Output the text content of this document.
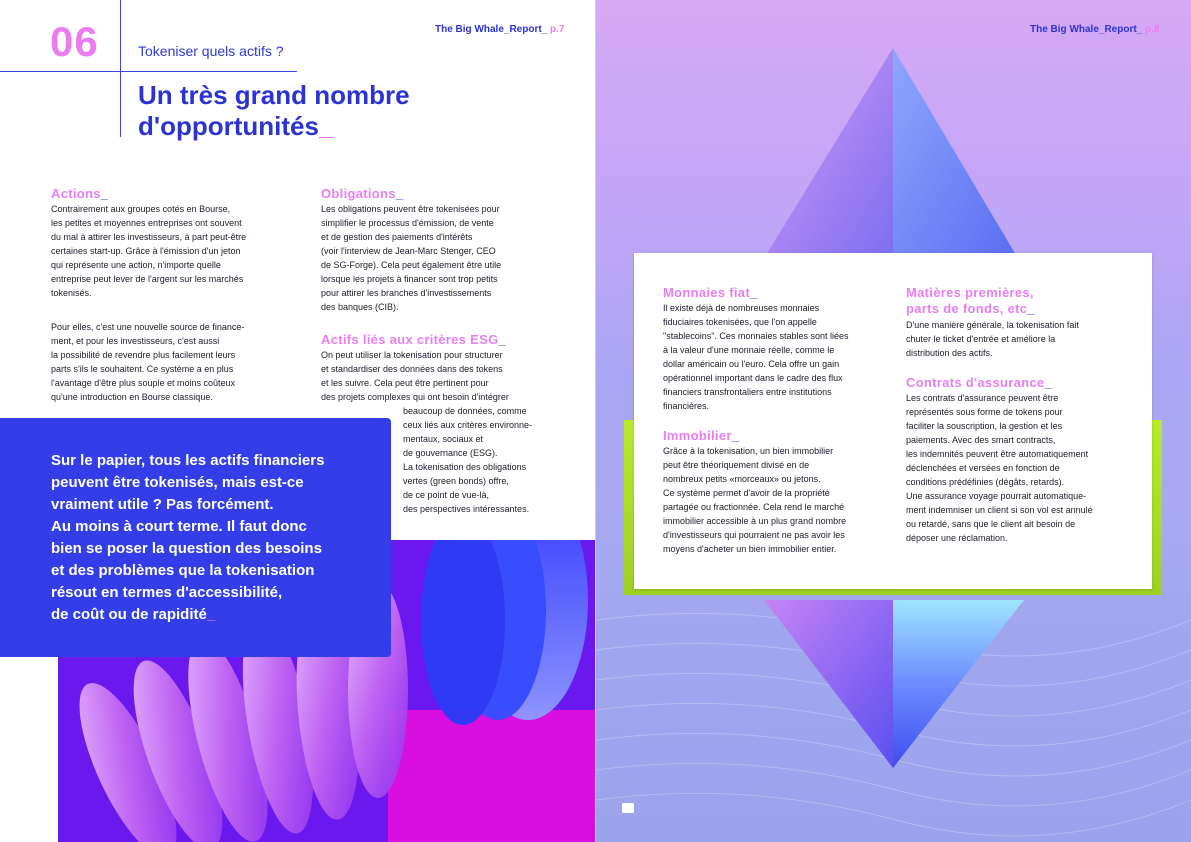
06	Tokeniser quels actifs ?
Un très grand nombre
d'opportunités_
The Big Whale_Report_ p.7
Actions_
Contrairement aux groupes cotés en Bourse,
les petites et moyennes entreprises ont souvent
du mal à attirer les investisseurs, à part peut-être
certaines start-up. Grâce à l'émission d'un jeton
qui représente une action, n'importe quelle
entreprise peut lever de l'argent sur les marchés
tokenisés.
Pour elles, c'est une nouvelle source de finance-
ment, et pour les investisseurs, c'est aussi
la possibilité de revendre plus facilement leurs
parts s'ils le souhaitent. Ce système a en plus
l'avantage d'être plus souple et moins coûteux
qu'une introduction en Bourse classique.
Obligations_
Les obligations peuvent être tokenisées pour
simplifier le processus d'émission, de vente
et de gestion des paiements d'intérêts
(voir l'interview de Jean-Marc Stenger, CEO
de SG-Forge). Cela peut également être utile
lorsque les projets à financer sont trop petits
pour attirer les branches d'investissements
des banques (CIB).
Actifs liés aux critères ESG_
On peut utiliser la tokenisation pour structurer
et standardiser des données dans des tokens
et les suivre. Cela peut être pertinent pour
des projets complexes qui ont besoin d'intégrer
beaucoup de données, comme
ceux liés aux critères environne-
mentaux, sociaux et
de gouvernance (ESG).
La tokenisation des obligations
vertes (green bonds) offre,
de ce point de vue-là,
des perspectives intéressantes.
Sur le papier, tous les actifs financiers
peuvent être tokenisés, mais est-ce
vraiment utile ? Pas forcément.
Au moins à court terme. Il faut donc
bien se poser la question des besoins
et des problèmes que la tokenisation
résout en termes d'accessibilité,
de coût ou de rapidité_
The Big Whale_Report_ p.8
Monnaies fiat_
Il existe déjà de nombreuses monnaies
fiduciaires tokenisées, que l'on appelle
"stablecoins". Ces monnaies stables sont liées
à la valeur d'une monnaie réelle, comme le
dollar américain ou l'euro. Cela offre un gain
opérationnel important dans le cadre des flux
financiers transfrontaliers entre institutions
financières.
Immobilier_
Grâce à la tokenisation, un bien immobilier
peut être théoriquement divisé en de
nombreux petits «morceaux» ou jetons.
Ce système permet d'avoir de la propriété
partagée ou fractionnée. Cela rend le marché
immobilier accessible à un plus grand nombre
d'investisseurs qui pourraient ne pas avoir les
moyens d'acheter un bien immobilier entier.
Matières premières,
parts de fonds, etc_
D'une manière générale, la tokenisation fait
chuter le ticket d'entrée et améliore la
distribution des actifs.
Contrats d'assurance_
Les contrats d'assurance peuvent être
représentés sous forme de tokens pour
faciliter la souscription, la gestion et les
paiements. Avec des smart contracts,
les indemnités peuvent être automatiquement
déclenchées et versées en fonction de
conditions prédéfinies (dégâts, retards).
Une assurance voyage pourrait automatique-
ment indemniser un client si son vol est annulé
ou retardé, sans que le client ait besoin de
déposer une réclamation.
